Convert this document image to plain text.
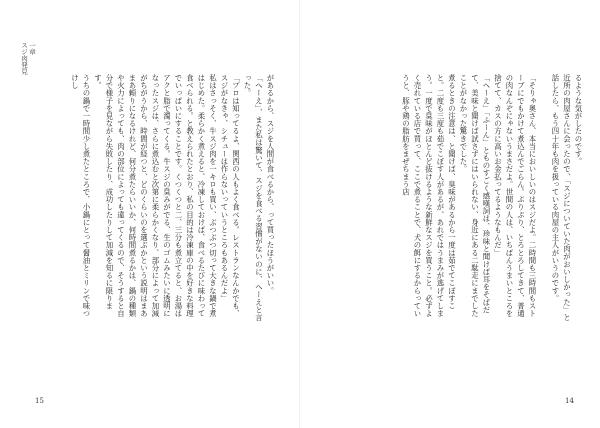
一章
スジ肉発見

があるから、スジを人間が食べるから、って買ったほうがいい。

「へーえ」、また私は驚いて、スジを食べる習慣がないのに、へーえと言った。

「プロは知ってるよ、関西の人もよく食べる。レストランなんかでも、スジがなきゃ、シチューは作らないっていうところもあるんだよ」

私はさっそく、牛スジ肉を一キロも買い、ぶつぶつ切って大きな鍋で煮はじめた。柔らかく煮えると、冷凍しておけば、食べるたびに味わって食べられる。と教えられたとおり、私の目的は冷凍庫の中を好きな料理でいっぱいにすることです。くつくつと二、三分も煮立てると、お湯はアクと脂で濁ってくる。牛スジの臭みがでる、生のゴムみたいに透明になったスジは、さらに煮込むと次第に柔らかくなり、部分によって加減がちがうから、時間が経つと、どのくらいのを選ぶかという説明はまあまあ頼りになるけれど、何分煮たらいいか、何時間煮るかは、鍋の種類や火力によっても、肉の部位によっても違ってくるので、そうすると自分で様子を見ながら失敗したり、成功したりして加減を知るに限ります。

うちの鍋で一時間少し煮たところで、小鍋にとって醤油とミリンで味つけし

15

るような気がしたのです。

近所の肉屋さんに会ったので、「スジについていた肉がおいしかった」と話したら、もう四十年も肉を扱っている肉屋の主人がいうのです。

「そりゃ奥さん、本当においしいのはスジだよ。二時間も三時間もストーブにでもかけて煮込んでごらん。ぷりぷり、とろとろしてきて、普通の肉なんぞにゃないうまさだよ。世間の人は、いちばんうまいところを捨てて、カスの方に高いお金払ってるようなもんだ」

「へーえ」「ふーん」とものすごく感嘆詞は、珍味と聞けば耳をそばだて、美味と聞けば試さずにはいられない、身近にある二駄走にまでしたことがなかった驚きでした。

煮るときの注意は、と聞けば、臭味があるから一度は茹でてこぼすこと。二度も三度も茹でこぼす人があるが、あれではうまみが逃げてしまう。一度で臭味がほとんど抜けるような新鮮なスジを買うこと。必ずよく売れている店で買って、ここで煮ることで、犬の餌にするからっていうと、豚や鶏の脂肪をまぜちまう店

14
